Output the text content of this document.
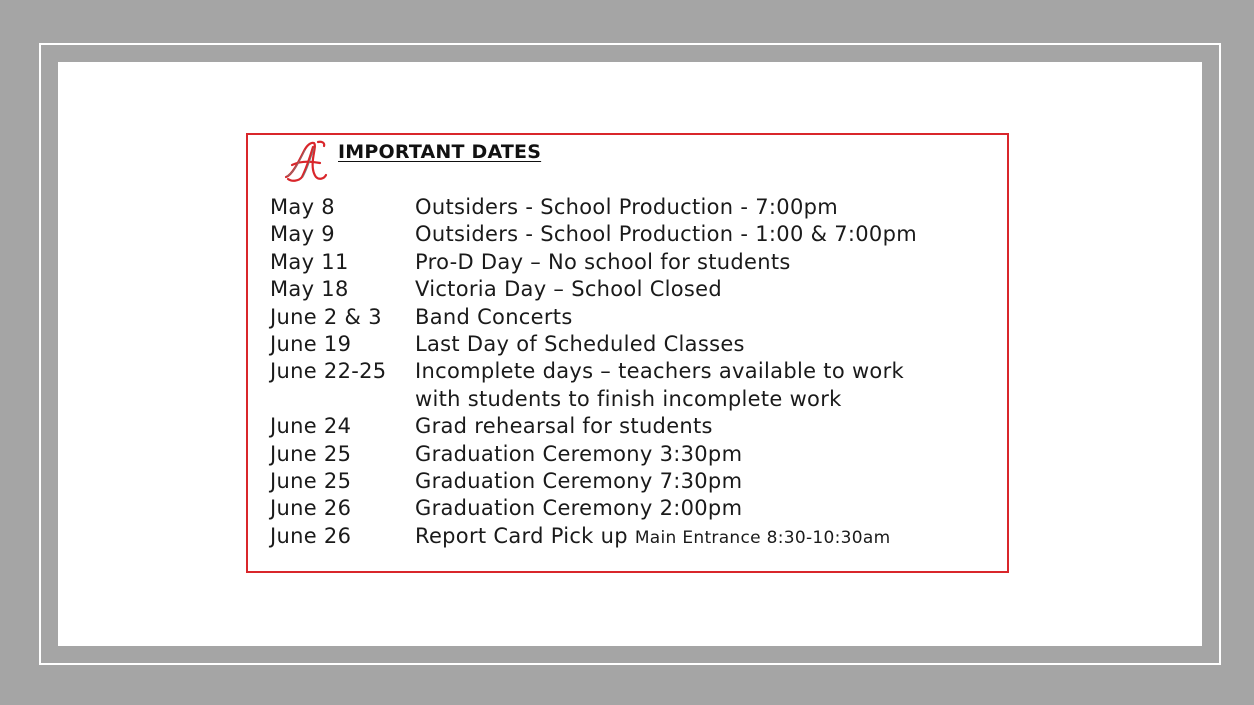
IMPORTANT DATES
May 8	Outsiders - School Production - 7:00pm
May 9	Outsiders - School Production - 1:00 & 7:00pm
May 11	Pro-D Day – No school for students
May 18	Victoria Day – School Closed
June 2 & 3	Band Concerts
June 19	Last Day of Scheduled Classes
June 22-25	Incomplete days – teachers available to work
with students to finish incomplete work
June 24	Grad rehearsal for students
June 25	Graduation Ceremony 3:30pm
June 25	Graduation Ceremony 7:30pm
June 26	Graduation Ceremony 2:00pm
June 26	Report Card Pick up Main Entrance 8:30-10:30am
